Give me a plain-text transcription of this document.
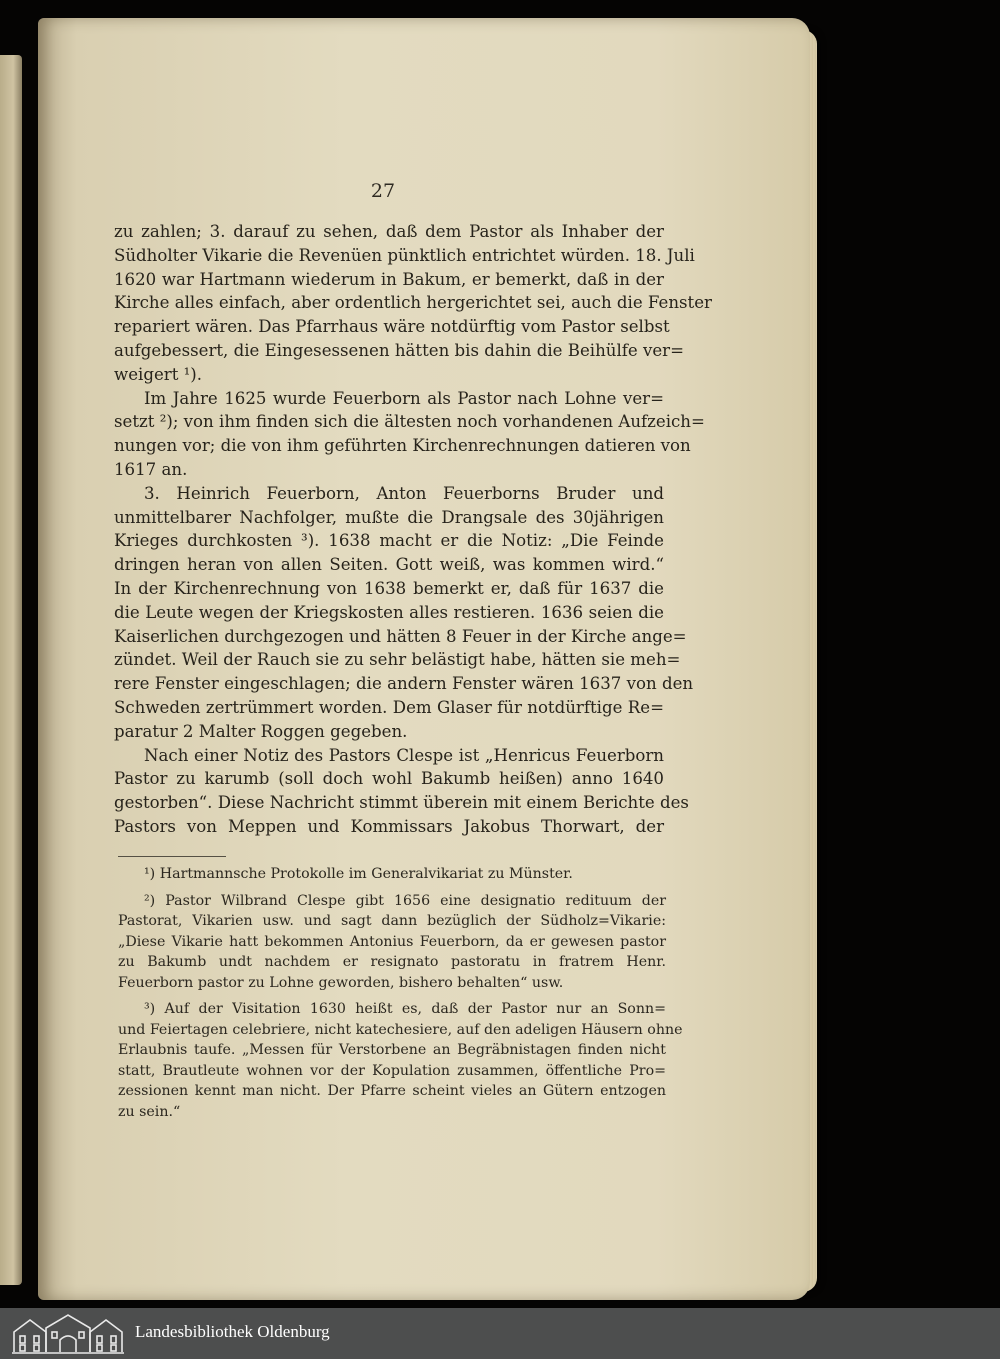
27
zu zahlen; 3. darauf zu sehen, daß dem Pastor als Inhaber der
Südholter Vikarie die Revenüen pünktlich entrichtet würden. 18. Juli
1620 war Hartmann wiederum in Bakum, er bemerkt, daß in der
Kirche alles einfach, aber ordentlich hergerichtet sei, auch die Fenster
repariert wären. Das Pfarrhaus wäre notdürftig vom Pastor selbst
aufgebessert, die Eingesessenen hätten bis dahin die Beihülfe ver=
weigert ¹).
Im Jahre 1625 wurde Feuerborn als Pastor nach Lohne ver=
setzt ²); von ihm finden sich die ältesten noch vorhandenen Aufzeich=
nungen vor; die von ihm geführten Kirchenrechnungen datieren von
1617 an.
3. Heinrich Feuerborn, Anton Feuerborns Bruder und
unmittelbarer Nachfolger, mußte die Drangsale des 30jährigen
Krieges durchkosten ³). 1638 macht er die Notiz: „Die Feinde
dringen heran von allen Seiten. Gott weiß, was kommen wird.“
In der Kirchenrechnung von 1638 bemerkt er, daß für 1637 die
die Leute wegen der Kriegskosten alles restieren. 1636 seien die
Kaiserlichen durchgezogen und hätten 8 Feuer in der Kirche ange=
zündet. Weil der Rauch sie zu sehr belästigt habe, hätten sie meh=
rere Fenster eingeschlagen; die andern Fenster wären 1637 von den
Schweden zertrümmert worden. Dem Glaser für notdürftige Re=
paratur 2 Malter Roggen gegeben.
Nach einer Notiz des Pastors Clespe ist „Henricus Feuerborn
Pastor zu karumb (soll doch wohl Bakumb heißen) anno 1640
gestorben“. Diese Nachricht stimmt überein mit einem Berichte des
Pastors von Meppen und Kommissars Jakobus Thorwart, der
¹) Hartmannsche Protokolle im Generalvikariat zu Münster.
²) Pastor Wilbrand Clespe gibt 1656 eine designatio redituum der
Pastorat, Vikarien usw. und sagt dann bezüglich der Südholz=Vikarie:
„Diese Vikarie hatt bekommen Antonius Feuerborn, da er gewesen pastor
zu Bakumb undt nachdem er resignato pastoratu in fratrem Henr.
Feuerborn pastor zu Lohne geworden, bishero behalten“ usw.
³) Auf der Visitation 1630 heißt es, daß der Pastor nur an Sonn=
und Feiertagen celebriere, nicht katechesiere, auf den adeligen Häusern ohne
Erlaubnis taufe. „Messen für Verstorbene an Begräbnistagen finden nicht
statt, Brautleute wohnen vor der Kopulation zusammen, öffentliche Pro=
zessionen kennt man nicht. Der Pfarre scheint vieles an Gütern entzogen
zu sein.“
Landesbibliothek Oldenburg
